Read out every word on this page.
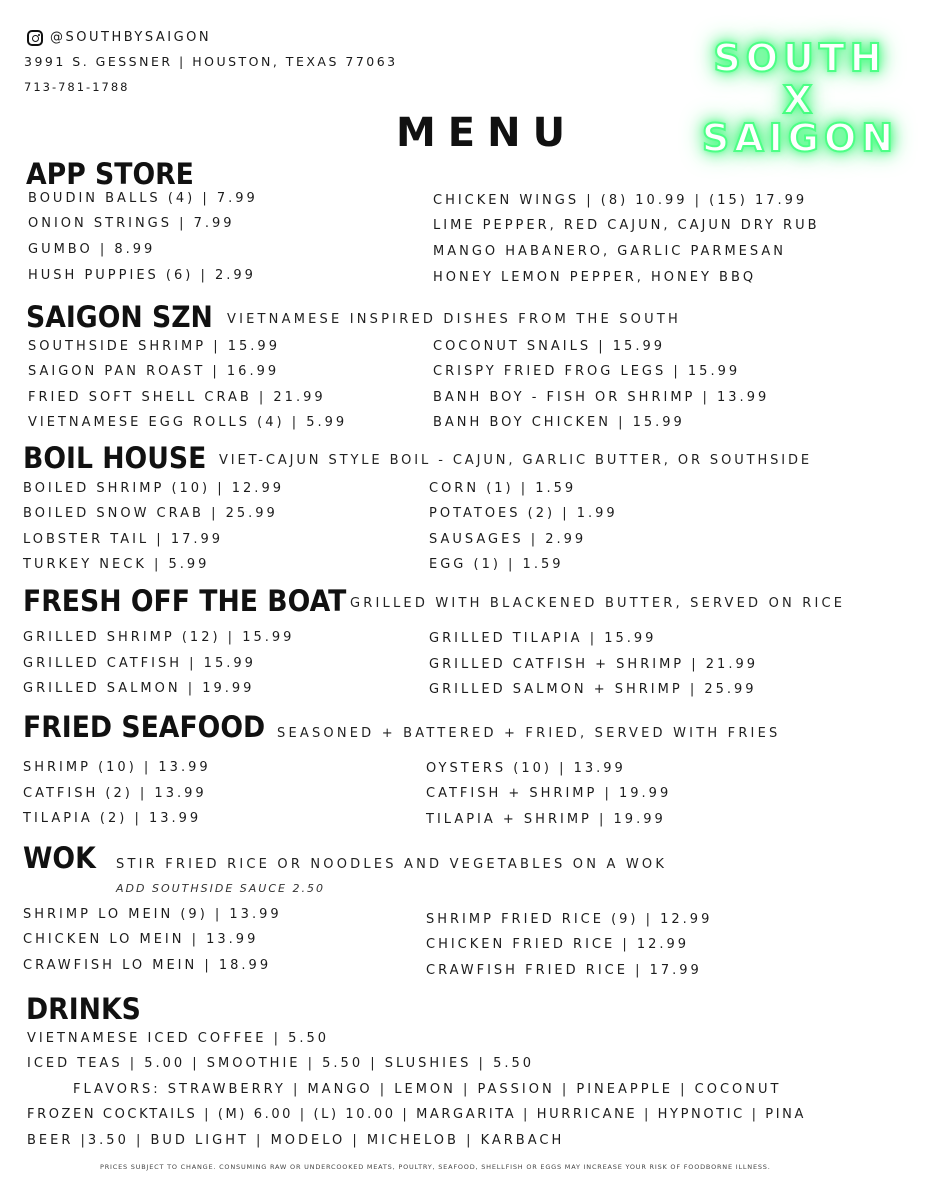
@SOUTHBYSAIGON
3991 S. GESSNER | HOUSTON, TEXAS 77063
713-781-1788
SOUTH
X
SAIGON
MENU
APP STORE
BOUDIN BALLS (4) | 7.99
ONION STRINGS | 7.99
GUMBO | 8.99
HUSH PUPPIES (6) | 2.99
CHICKEN WINGS | (8) 10.99 | (15) 17.99
LIME PEPPER, RED CAJUN, CAJUN DRY RUB
MANGO HABANERO, GARLIC PARMESAN
HONEY LEMON PEPPER, HONEY BBQ
SAIGON SZN VIETNAMESE INSPIRED DISHES FROM THE SOUTH
SOUTHSIDE SHRIMP | 15.99
SAIGON PAN ROAST | 16.99
FRIED SOFT SHELL CRAB | 21.99
VIETNAMESE EGG ROLLS (4) | 5.99
COCONUT SNAILS | 15.99
CRISPY FRIED FROG LEGS | 15.99
BANH BOY - FISH OR SHRIMP | 13.99
BANH BOY CHICKEN | 15.99
BOIL HOUSE VIET-CAJUN STYLE BOIL - CAJUN, GARLIC BUTTER, OR SOUTHSIDE
BOILED SHRIMP (10) | 12.99
BOILED SNOW CRAB | 25.99
LOBSTER TAIL | 17.99
TURKEY NECK | 5.99
CORN (1) | 1.59
POTATOES (2) | 1.99
SAUSAGES | 2.99
EGG (1) | 1.59
FRESH OFF THE BOAT GRILLED WITH BLACKENED BUTTER, SERVED ON RICE
GRILLED SHRIMP (12) | 15.99
GRILLED CATFISH | 15.99
GRILLED SALMON | 19.99
GRILLED TILAPIA | 15.99
GRILLED CATFISH + SHRIMP | 21.99
GRILLED SALMON + SHRIMP | 25.99
FRIED SEAFOOD SEASONED + BATTERED + FRIED, SERVED WITH FRIES
SHRIMP (10) | 13.99
CATFISH (2) | 13.99
TILAPIA (2) | 13.99
OYSTERS (10) | 13.99
CATFISH + SHRIMP | 19.99
TILAPIA + SHRIMP | 19.99
WOK STIR FRIED RICE OR NOODLES AND VEGETABLES ON A WOK
ADD SOUTHSIDE SAUCE 2.50
SHRIMP LO MEIN (9) | 13.99
CHICKEN LO MEIN | 13.99
CRAWFISH LO MEIN | 18.99
SHRIMP FRIED RICE (9) | 12.99
CHICKEN FRIED RICE | 12.99
CRAWFISH FRIED RICE | 17.99
DRINKS
VIETNAMESE ICED COFFEE | 5.50
ICED TEAS | 5.00 | SMOOTHIE | 5.50 | SLUSHIES | 5.50
FLAVORS: STRAWBERRY | MANGO | LEMON | PASSION | PINEAPPLE | COCONUT
FROZEN COCKTAILS | (M) 6.00 | (L) 10.00 | MARGARITA | HURRICANE | HYPNOTIC | PINA
BEER |3.50 | BUD LIGHT | MODELO | MICHELOB | KARBACH
PRICES SUBJECT TO CHANGE. CONSUMING RAW OR UNDERCOOKED MEATS, POULTRY, SEAFOOD, SHELLFISH OR EGGS MAY INCREASE YOUR RISK OF FOODBORNE ILLNESS.
